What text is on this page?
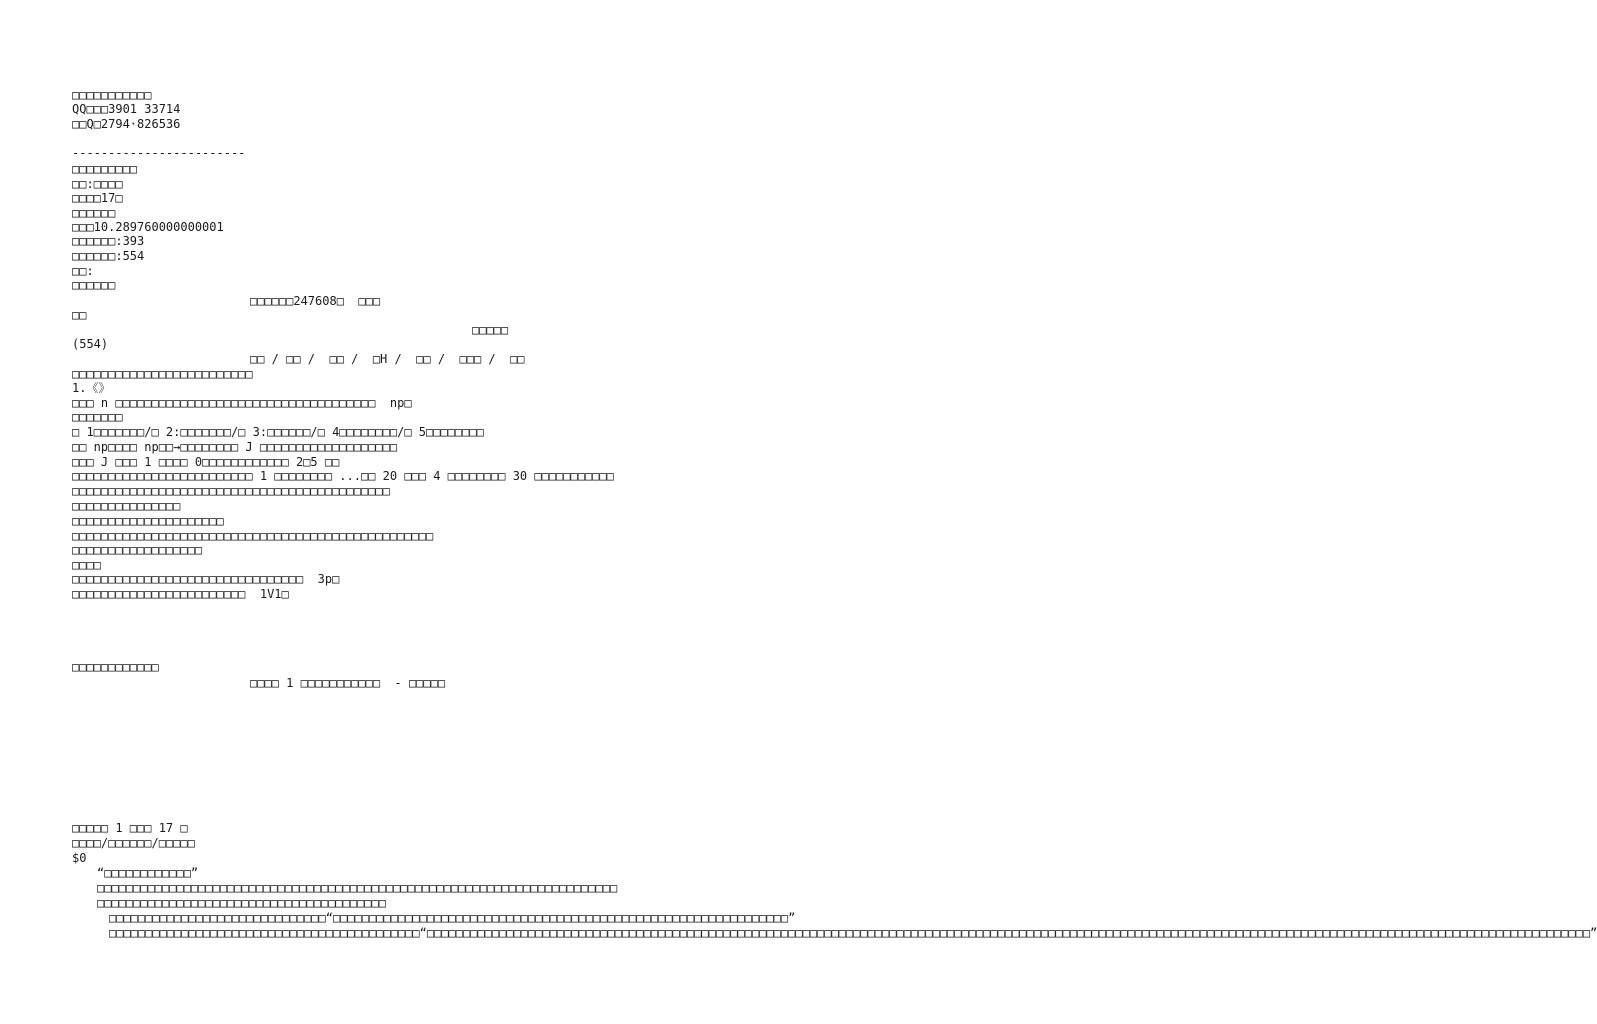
□□□□□□□□□□□
QQ□□□3901 33714
□□Q□2794·826536
------------------------
□□□□□□□□□
□□:□□□□
□□□□17□
□□□□□□
□□□10.289760000000001
□□□□□□:393
□□□□□□:554
□□:
□□□□□□
□□□□□□247608□  □□□
□□
□□□□□
(554)
□□ / □□ /  □□ /  □H /  □□ /  □□□ /  □□
□□□□□□□□□□□□□□□□□□□□□□□□□
1.《》
□□□ n □□□□□□□□□□□□□□□□□□□□□□□□□□□□□□□□□□□□  np□
□□□□□□□
□ 1□□□□□□□/□ 2:□□□□□□□/□ 3:□□□□□□/□ 4□□□□□□□□/□ 5□□□□□□□□
□□ np□□□□ np□□→□□□□□□□□ J □□□□□□□□□□□□□□□□□□□
□□□ J □□□ 1 □□□□ 0□□□□□□□□□□□□ 2□5 □□
□□□□□□□□□□□□□□□□□□□□□□□□□ 1 □□□□□□□□ ...□□ 20 □□□ 4 □□□□□□□□ 30 □□□□□□□□□□□
□□□□□□□□□□□□□□□□□□□□□□□□□□□□□□□□□□□□□□□□□□□□
□□□□□□□□□□□□□□□
□□□□□□□□□□□□□□□□□□□□□
□□□□□□□□□□□□□□□□□□□□□□□□□□□□□□□□□□□□□□□□□□□□□□□□□□
□□□□□□□□□□□□□□□□□□
□□□□
□□□□□□□□□□□□□□□□□□□□□□□□□□□□□□□□  3p□
□□□□□□□□□□□□□□□□□□□□□□□□  1V1□
□□□□□□□□□□□□
□□□□ 1 □□□□□□□□□□□  - □□□□□
□□□□□ 1 □□□ 17 □
□□□□/□□□□□□/□□□□□
$0
“□□□□□□□□□□□□”
□□□□□□□□□□□□□□□□□□□□□□□□□□□□□□□□□□□□□□□□□□□□□□□□□□□□□□□□□□□□□□□□□□□□□□□□
□□□□□□□□□□□□□□□□□□□□□□□□□□□□□□□□□□□□□□□□
□□□□□□□□□□□□□□□□□□□□□□□□□□□□□□“□□□□□□□□□□□□□□□□□□□□□□□□□□□□□□□□□□□□□□□□□□□□□□□□□□□□□□□□□□□□□□□”
□□□□□□□□□□□□□□□□□□□□□□□□□□□□□□□□□□□□□□□□□□□“□□□□□□□□□□□□□□□□□□□□□□□□□□□□□□□□□□□□□□□□□□□□□□□□□□□□□□□□□□□□□□□□□□□□□□□□□□□□□□□□□□□□□□□□□□□□□□□□□□□□□□□□□□□□□□□□□□□□□□□□□□□□□□□□□□□□□□□□□□□□□□□□□□□□□□□□□□□□□□□□□”
